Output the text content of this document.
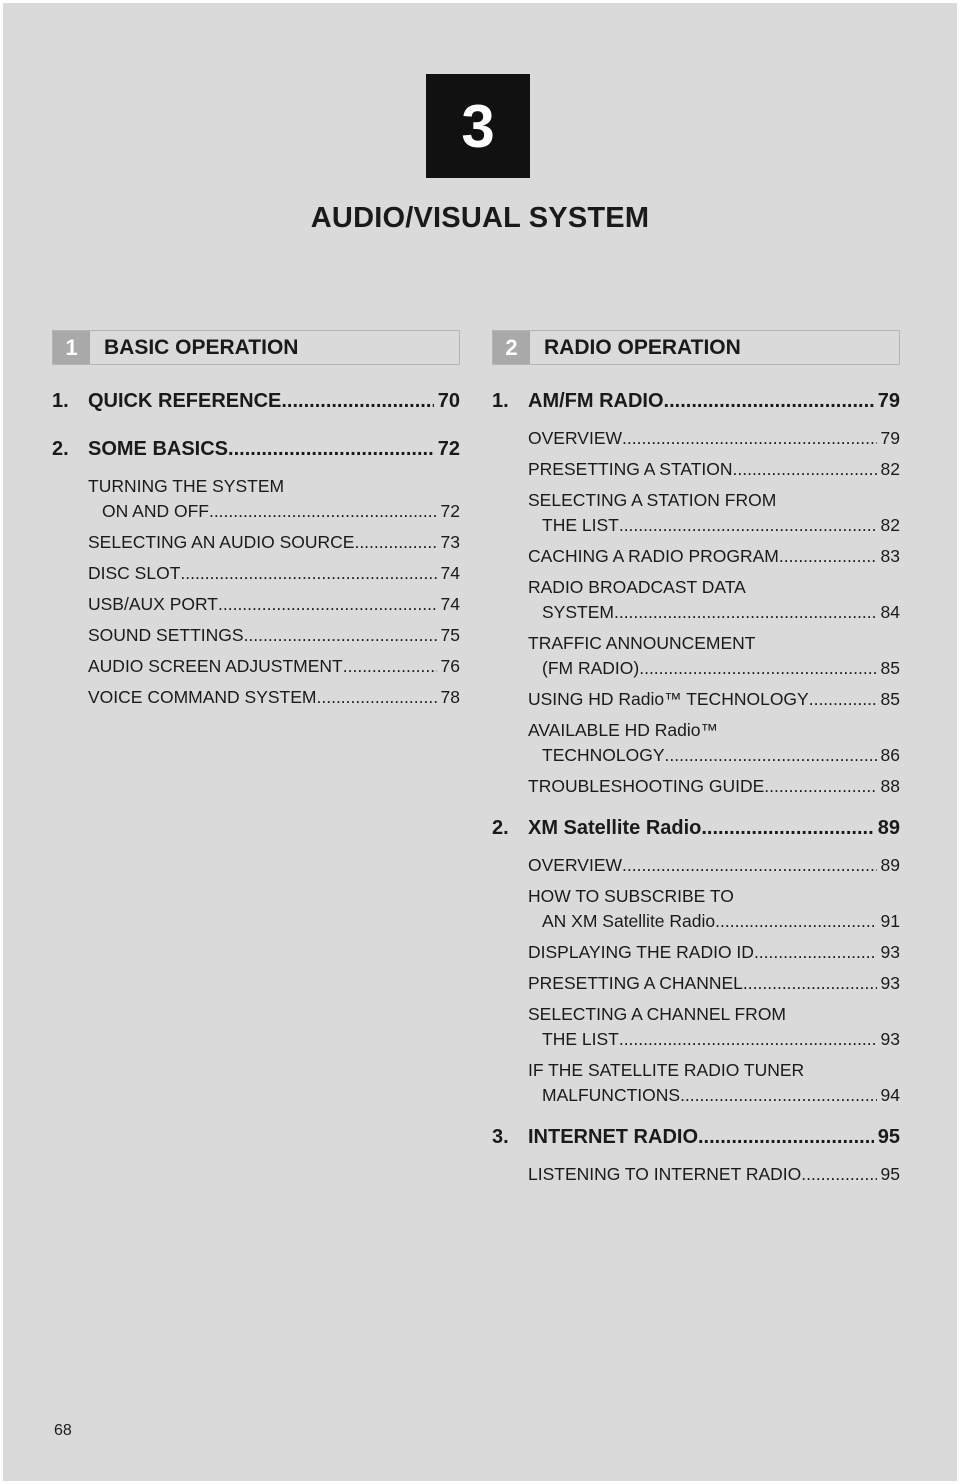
3
AUDIO/VISUAL SYSTEM
1	BASIC OPERATION
1. QUICK REFERENCE .....	70
2. SOME BASICS .....	72
TURNING THE SYSTEM
ON AND OFF .....	72
SELECTING AN AUDIO SOURCE .....	73
DISC SLOT .....	74
USB/AUX PORT .....	74
SOUND SETTINGS .....	75
AUDIO SCREEN ADJUSTMENT .....	76
VOICE COMMAND SYSTEM .....	78
2	RADIO OPERATION
1. AM/FM RADIO .....	79
OVERVIEW .....	79
PRESETTING A STATION .....	82
SELECTING A STATION FROM
THE LIST .....	82
CACHING A RADIO PROGRAM .....	83
RADIO BROADCAST DATA
SYSTEM .....	84
TRAFFIC ANNOUNCEMENT
(FM RADIO) .....	85
USING HD Radio™ TECHNOLOGY .....	85
AVAILABLE HD Radio™
TECHNOLOGY .....	86
TROUBLESHOOTING GUIDE .....	88
2. XM Satellite Radio .....	89
OVERVIEW .....	89
HOW TO SUBSCRIBE TO
AN XM Satellite Radio .....	91
DISPLAYING THE RADIO ID .....	93
PRESETTING A CHANNEL .....	93
SELECTING A CHANNEL FROM
THE LIST .....	93
IF THE SATELLITE RADIO TUNER
MALFUNCTIONS .....	94
3. INTERNET RADIO .....	95
LISTENING TO INTERNET RADIO .....	95
68
